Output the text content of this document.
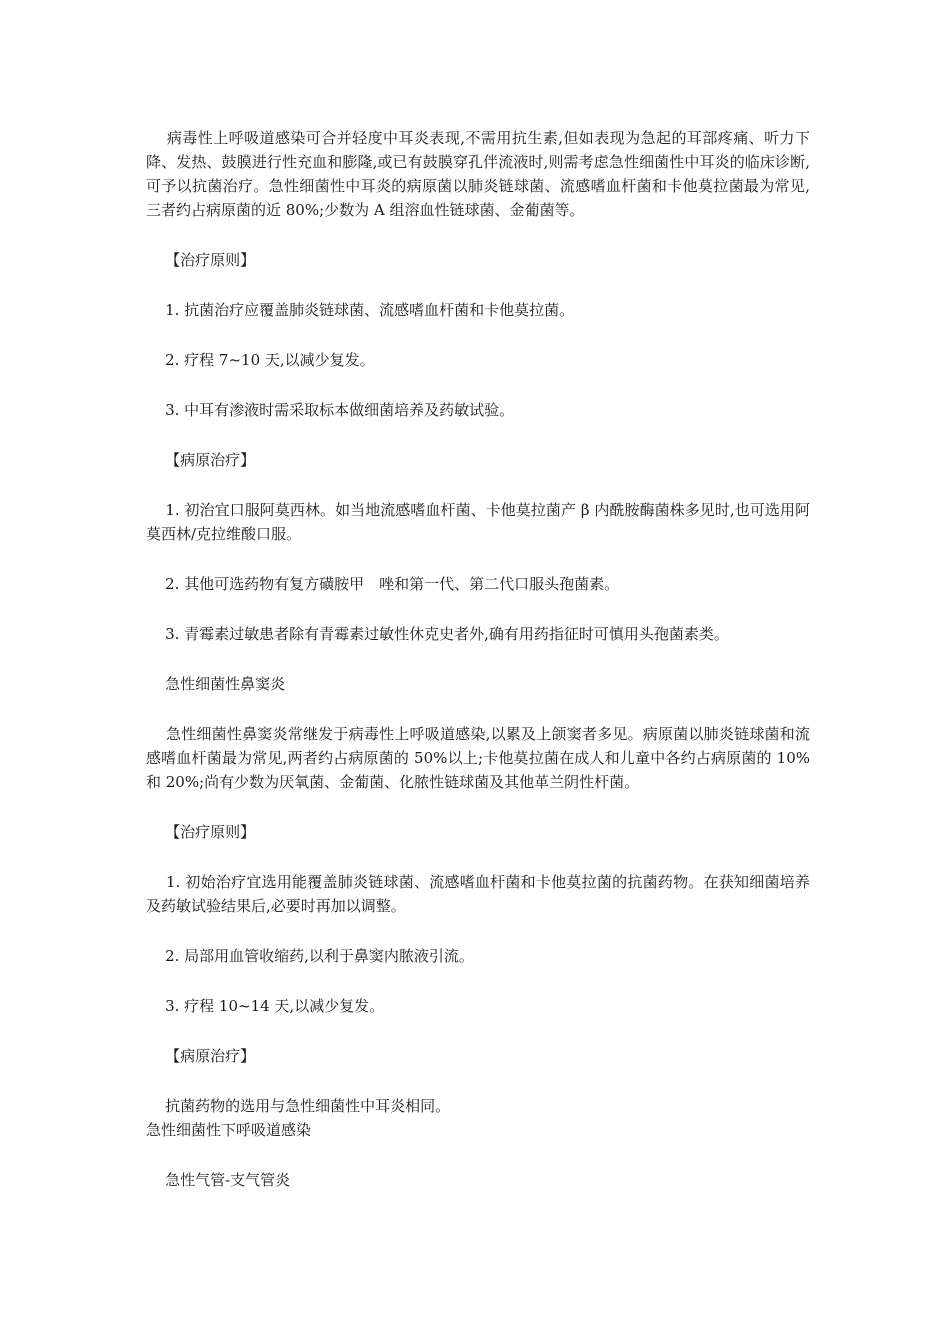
病毒性上呼吸道感染可合并轻度中耳炎表现,不需用抗生素,但如表现为急起的耳部疼痛、听力下降、发热、鼓膜进行性充血和膨隆,或已有鼓膜穿孔伴流液时,则需考虑急性细菌性中耳炎的临床诊断,可予以抗菌治疗。急性细菌性中耳炎的病原菌以肺炎链球菌、流感嗜血杆菌和卡他莫拉菌最为常见,三者约占病原菌的近 80%;少数为 A 组溶血性链球菌、金葡菌等。

【治疗原则】

1. 抗菌治疗应覆盖肺炎链球菌、流感嗜血杆菌和卡他莫拉菌。

2. 疗程 7~10 天,以减少复发。

3. 中耳有渗液时需采取标本做细菌培养及药敏试验。

【病原治疗】

1. 初治宜口服阿莫西林。如当地流感嗜血杆菌、卡他莫拉菌产 β 内酰胺酶菌株多见时,也可选用阿莫西林/克拉维酸口服。

2. 其他可选药物有复方磺胺甲　唑和第一代、第二代口服头孢菌素。

3. 青霉素过敏患者除有青霉素过敏性休克史者外,确有用药指征时可慎用头孢菌素类。

急性细菌性鼻窦炎

急性细菌性鼻窦炎常继发于病毒性上呼吸道感染,以累及上颌窦者多见。病原菌以肺炎链球菌和流感嗜血杆菌最为常见,两者约占病原菌的 50%以上;卡他莫拉菌在成人和儿童中各约占病原菌的 10%和 20%;尚有少数为厌氧菌、金葡菌、化脓性链球菌及其他革兰阴性杆菌。

【治疗原则】

1. 初始治疗宜选用能覆盖肺炎链球菌、流感嗜血杆菌和卡他莫拉菌的抗菌药物。在获知细菌培养及药敏试验结果后,必要时再加以调整。

2. 局部用血管收缩药,以利于鼻窦内脓液引流。

3. 疗程 10~14 天,以减少复发。

【病原治疗】

抗菌药物的选用与急性细菌性中耳炎相同。

急性细菌性下呼吸道感染

急性气管-支气管炎
